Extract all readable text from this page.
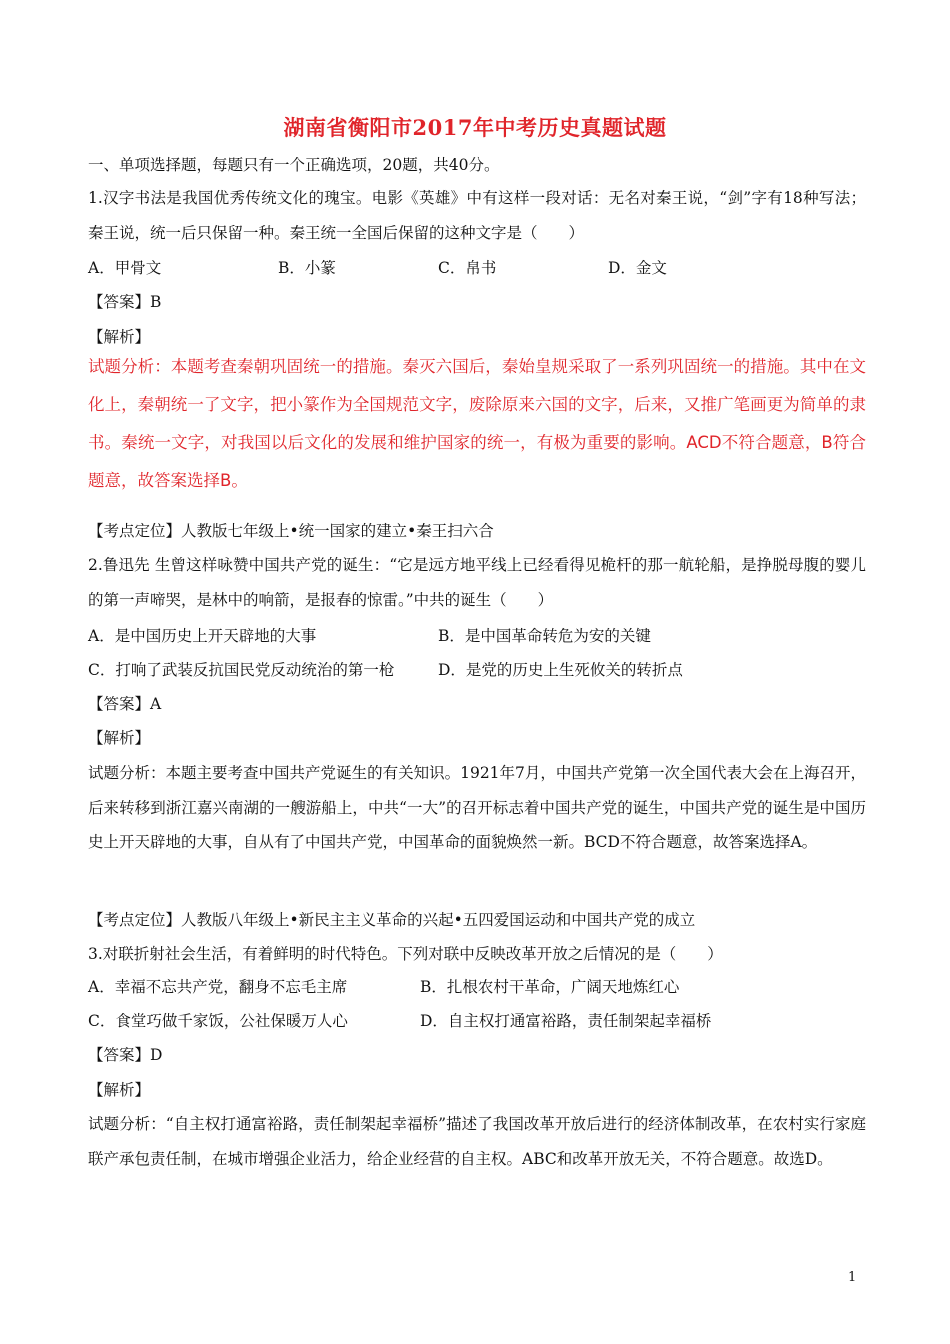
湖南省衡阳市2017年中考历史真题试题
一、单项选择题，每题只有一个正确选项，20题，共40分。
1.汉字书法是我国优秀传统文化的瑰宝。电影《英雄》中有这样一段对话：无名对秦王说，“剑”字有18种写法；秦王说，统一后只保留一种。秦王统一全国后保留的这种文字是（　　）
A．甲骨文	B．小篆	C．帛书	D．金文
【答案】B
【解析】
试题分析：本题考查秦朝巩固统一的措施。秦灭六国后，秦始皇规采取了一系列巩固统一的措施。其中在文化上，秦朝统一了文字，把小篆作为全国规范文字，废除原来六国的文字，后来，又推广笔画更为简单的隶书。秦统一文字，对我国以后文化的发展和维护国家的统一，有极为重要的影响。ACD不符合题意，B符合题意，故答案选择B。
【考点定位】人教版七年级上•统一国家的建立•秦王扫六合
2.鲁迅先 生曾这样咏赞中国共产党的诞生：“它是远方地平线上已经看得见桅杆的那一航轮船，是挣脱母腹的婴儿的第一声啼哭，是林中的响箭，是报春的惊雷。”中共的诞生（　　）
A．是中国历史上开天辟地的大事	B．是中国革命转危为安的关键
C．打响了武装反抗国民党反动统治的第一枪	D．是党的历史上生死攸关的转折点
【答案】A
【解析】
试题分析：本题主要考查中国共产党诞生的有关知识。1921年7月，中国共产党第一次全国代表大会在上海召开，后来转移到浙江嘉兴南湖的一艘游船上，中共“一大”的召开标志着中国共产党的诞生，中国共产党的诞生是中国历史上开天辟地的大事，自从有了中国共产党，中国革命的面貌焕然一新。BCD不符合题意，故答案选择A。
【考点定位】人教版八年级上•新民主主义革命的兴起•五四爱国运动和中国共产党的成立
3.对联折射社会生活，有着鲜明的时代特色。下列对联中反映改革开放之后情况的是（　　）
A．幸福不忘共产党，翻身不忘毛主席	B．扎根农村干革命，广阔天地炼红心
C．食堂巧做千家饭，公社保暖万人心	D．自主权打通富裕路，责任制架起幸福桥
【答案】D
【解析】
试题分析：“自主权打通富裕路，责任制架起幸福桥”描述了我国改革开放后进行的经济体制改革，在农村实行家庭联产承包责任制，在城市增强企业活力，给企业经营的自主权。ABC和改革开放无关，不符合题意。故选D。
1
